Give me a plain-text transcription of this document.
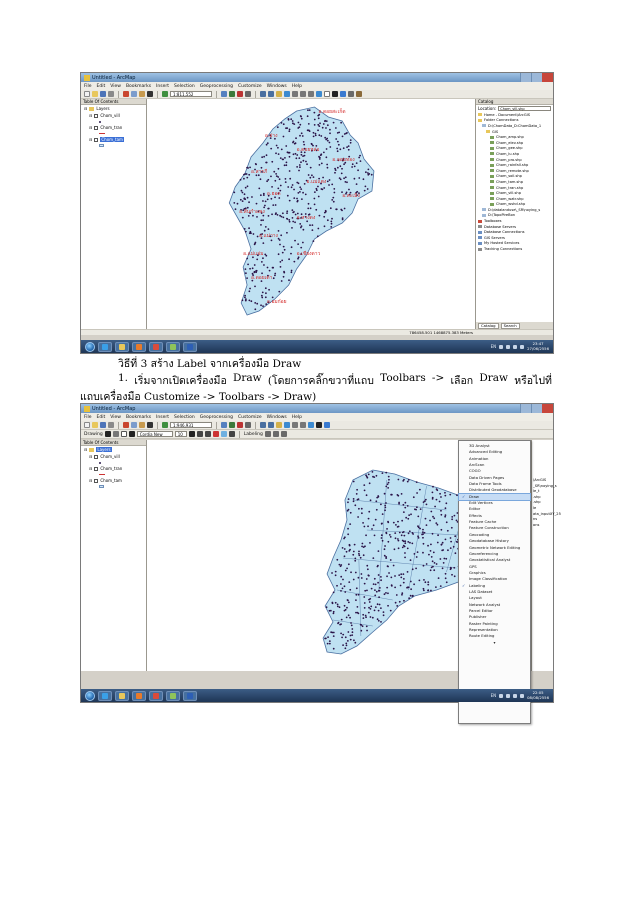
Untitled - ArcMap
File Edit View Bookmarks Insert Selection Geoprocessing Customize Windows Help
1:811,552
Table Of Contents
⊟ Layers
⊟ Chom_vill
⊟ Chom_tran
⊟ Chom_tam
อ.ดอยสะเก็ด
อ.ฝาง
อ.ดอยหล่อ
อ.จอมทอง
อ.สารภี
อ.แม่แตง
อ.ฮอด	อ.สะเมิง
อ.สันกำแพง
อ.หางดง
อ.แม่วาง
อ.แม่แจ่ม	อ.เชียงดาว
อ.ดอยเต่า
อ.อมก๋อย
Catalog
Location:	Chom_vill.shp
Home - Document\ArcGIS
Folder Connections
D:\ChomData_D:ChomData_1
GIS
Chom_amp.shp
Chom_elev.shp
Chom_gee.shp
Chom_lu.shp
Chom_pro.shp
Chom_rainfall.shp
Chom_remote.shp
Chom_soil.shp
Chom_tam.shp
Chom_tran.shp
Chom_vill.shp
Chom_watr.shp
Chom_wshd.shp
D:\datalanduse\_SR\noying_s
D:\TopoPireBon
Toolboxes
Database Servers
Database Connections
GIS Servers
My Hosted Services
Tracking Connections
Catalog	Search
786458.501 1468875.383 Meters
EN
23:47
27/06/2556
วิธีที่ 3 สร้าง Label จากเครื่องมือ Draw
1. เริ่มจากเปิดเครื่องมือ Draw (โดยการคลิ๊กขวาที่แถบ Toolbars -> เลือก Draw หรือไปที่
แถบเครื่องมือ Customize -> Toolbars -> Draw)
Untitled - ArcMap
File Edit View Bookmarks Insert Selection Geoprocessing Customize Windows Help
1:946,931
Drawing	Cordia New	10	Labeling
Table Of Contents
⊟	Layers
⊟ Chom_vill
⊟ Chom_tran
⊟ Chom_tam	\ArcGIS
_SR\noying_s
le_t
.shp
.shp
le
ata_inputXY_25
ns
ons
3D Analyst
Advanced Editing
Animation
ArcScan
COGO
Data Driven Pages
Data Frame Tools
Distributed Geodatabase
✓ Draw
Edit Vertices
Editor
Effects
Feature Cache
Feature Construction
Geocoding
Geodatabase History
Geometric Network Editing
Georeferencing
Geostatistical Analyst
GPS
Graphics
Image Classification
✓ Labeling
LAS Dataset
Layout
Network Analyst
Parcel Editor
Publisher
Raster Painting
Representation
Route Editing
▾
EN
22:05
08/08/2556
